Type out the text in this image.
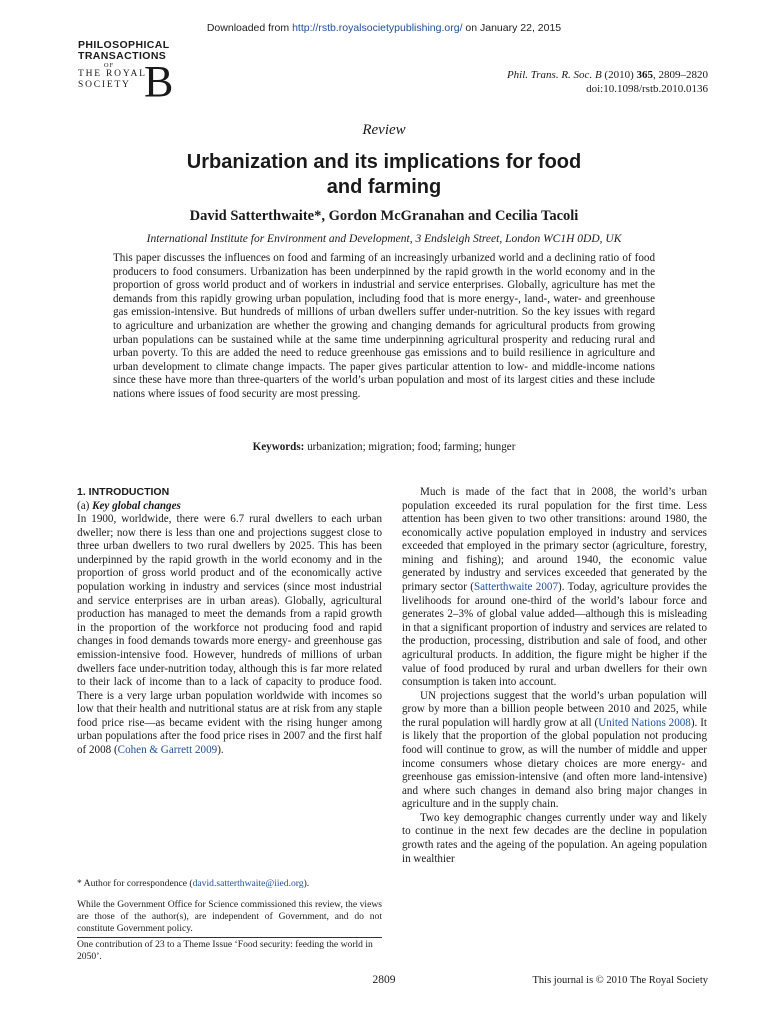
Downloaded from http://rstb.royalsocietypublishing.org/ on January 22, 2015
PHILOSOPHICAL
TRANSACTIONS
OF
THE ROYAL
SOCIETY B	Phil. Trans. R. Soc. B (2010) 365, 2809–2820
doi:10.1098/rstb.2010.0136
Review
Urbanization and its implications for food
and farming
David Satterthwaite*, Gordon McGranahan and Cecilia Tacoli
International Institute for Environment and Development, 3 Endsleigh Street, London WC1H 0DD, UK
This paper discusses the influences on food and farming of an increasingly urbanized world and a declining ratio of food producers to food consumers. Urbanization has been underpinned by the rapid growth in the world economy and in the proportion of gross world product and of workers in industrial and service enterprises. Globally, agriculture has met the demands from this rapidly growing urban population, including food that is more energy-, land-, water- and greenhouse gas emission-intensive. But hundreds of millions of urban dwellers suffer under-nutrition. So the key issues with regard to agriculture and urbanization are whether the growing and changing demands for agricultural products from growing urban populations can be sustained while at the same time underpinning agricultural prosperity and reducing rural and urban poverty. To this are added the need to reduce greenhouse gas emissions and to build resilience in agriculture and urban development to climate change impacts. The paper gives particular attention to low- and middle-income nations since these have more than three-quarters of the world’s urban population and most of its largest cities and these include nations where issues of food security are most pressing.
Keywords: urbanization; migration; food; farming; hunger
1. INTRODUCTION
(a) Key global changes

In 1900, worldwide, there were 6.7 rural dwellers to each urban dweller; now there is less than one and projections suggest close to three urban dwellers to two rural dwellers by 2025. This has been underpinned by the rapid growth in the world economy and in the proportion of gross world product and of the economically active population working in industry and services (since most industrial and service enterprises are in urban areas). Globally, agricultural production has managed to meet the demands from a rapid growth in the proportion of the workforce not producing food and rapid changes in food demands towards more energy- and greenhouse gas emission-intensive food. However, hundreds of millions of urban dwellers face under-nutrition today, although this is far more related to their lack of income than to a lack of capacity to produce food. There is a very large urban population worldwide with incomes so low that their health and nutritional status are at risk from any staple food price rise—as became evident with the rising hunger among urban populations after the food price rises in 2007 and the first half of 2008 (Cohen & Garrett 2009).

Much is made of the fact that in 2008, the world’s urban population exceeded its rural population for the first time. Less attention has been given to two other transitions: around 1980, the economically active population employed in industry and services exceeded that employed in the primary sector (agriculture, forestry, mining and fishing); and around 1940, the economic value generated by industry and services exceeded that generated by the primary sector (Satterthwaite 2007). Today, agriculture provides the livelihoods for around one-third of the world’s labour force and generates 2–3% of global value added—although this is misleading in that a significant proportion of industry and services are related to the production, processing, distribution and sale of food, and other agricultural products. In addition, the figure might be higher if the value of food produced by rural and urban dwellers for their own consumption is taken into account.

UN projections suggest that the world’s urban population will grow by more than a billion people between 2010 and 2025, while the rural population will hardly grow at all (United Nations 2008). It is likely that the proportion of the global population not producing food will continue to grow, as will the number of middle and upper income consumers whose dietary choices are more energy- and greenhouse gas emission-intensive (and often more land-intensive) and where such changes in demand also bring major changes in agriculture and in the supply chain.

Two key demographic changes currently under way and likely to continue in the next few decades are the decline in population growth rates and the ageing of the population. An ageing population in wealthier

* Author for correspondence (david.satterthwaite@iied.org).
While the Government Office for Science commissioned this review, the views are those of the author(s), are independent of Government, and do not constitute Government policy.
One contribution of 23 to a Theme Issue ‘Food security: feeding the world in 2050’.
2809	This journal is © 2010 The Royal Society
